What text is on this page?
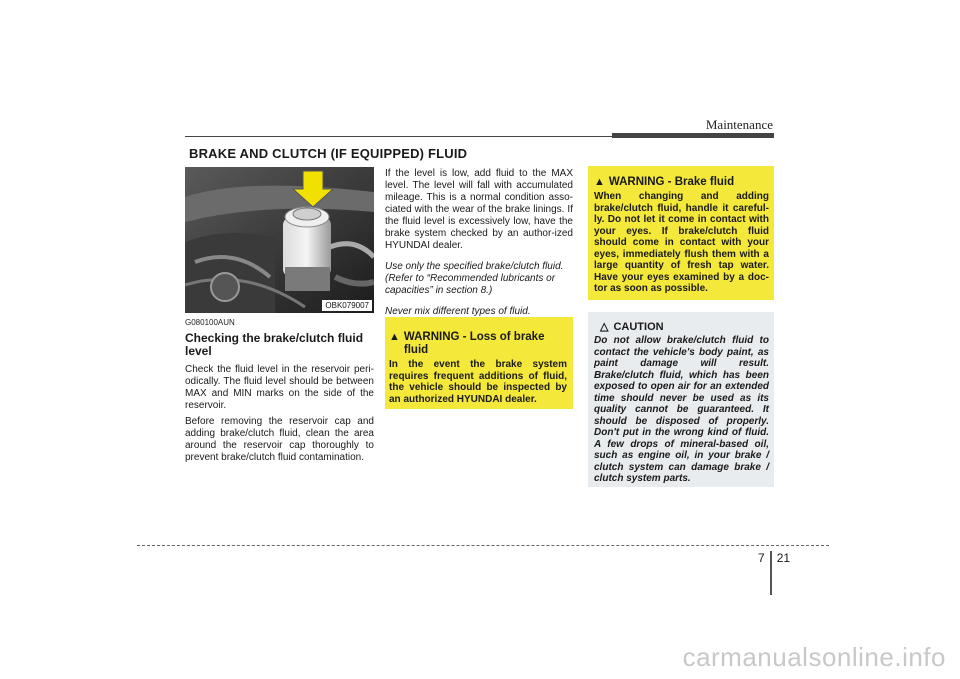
Maintenance
BRAKE AND CLUTCH (IF EQUIPPED) FLUID
OBK079007
G080100AUN
Checking the brake/clutch fluid level

Check the fluid level in the reservoir peri-odically. The fluid level should be between MAX and MIN marks on the side of the reservoir.

Before removing the reservoir cap and adding brake/clutch fluid, clean the area around the reservoir cap thoroughly to prevent brake/clutch fluid contamination.

If the level is low, add fluid to the MAX level. The level will fall with accumulated mileage. This is a normal condition asso-ciated with the wear of the brake linings. If the fluid level is excessively low, have the brake system checked by an author-ized HYUNDAI dealer.

Use only the specified brake/clutch fluid. (Refer to “Recommended lubricants or capacities” in section 8.)

Never mix different types of fluid.

▲ WARNING - Loss of brake fluid
In the event the brake system requires frequent additions of fluid, the vehicle should be inspected by an authorized HYUNDAI dealer.
▲ WARNING - Brake fluid
When changing and adding brake/clutch fluid, handle it careful-ly. Do not let it come in contact with your eyes. If brake/clutch fluid should come in contact with your eyes, immediately flush them with a large quantity of fresh tap water. Have your eyes examined by a doc-tor as soon as possible.
△ CAUTION
Do not allow brake/clutch fluid to contact the vehicle's body paint, as paint damage will result. Brake/clutch fluid, which has been exposed to open air for an extended time should never be used as its quality cannot be guaranteed. It should be disposed of properly. Don't put in the wrong kind of fluid. A few drops of mineral-based oil, such as engine oil, in your brake / clutch system can damage brake / clutch system parts.
7 21
carmanualsonline.info
